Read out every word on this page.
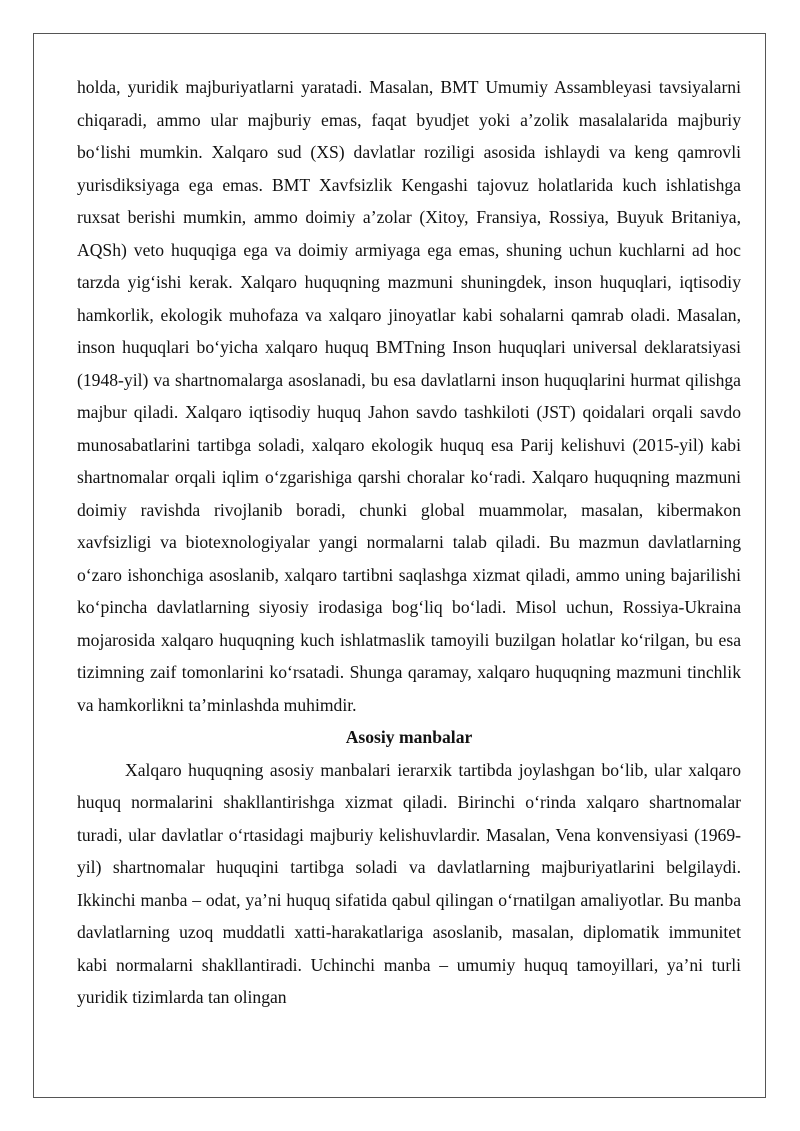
holda, yuridik majburiyatlarni yaratadi. Masalan, BMT Umumiy Assambleyasi tavsiyalarni chiqaradi, ammo ular majburiy emas, faqat byudjet yoki a’zolik masalalarida majburiy bo‘lishi mumkin. Xalqaro sud (XS) davlatlar roziligi asosida ishlaydi va keng qamrovli yurisdiksiyaga ega emas. BMT Xavfsizlik Kengashi tajovuz holatlarida kuch ishlatishga ruxsat berishi mumkin, ammo doimiy a’zolar (Xitoy, Fransiya, Rossiya, Buyuk Britaniya, AQSh) veto huquqiga ega va doimiy armiyaga ega emas, shuning uchun kuchlarni ad hoc tarzda yig‘ishi kerak. Xalqaro huquqning mazmuni shuningdek, inson huquqlari, iqtisodiy hamkorlik, ekologik muhofaza va xalqaro jinoyatlar kabi sohalarni qamrab oladi. Masalan, inson huquqlari bo‘yicha xalqaro huquq BMTning Inson huquqlari universal deklaratsiyasi (1948-yil) va shartnomalarga asoslanadi, bu esa davlatlarni inson huquqlarini hurmat qilishga majbur qiladi. Xalqaro iqtisodiy huquq Jahon savdo tashkiloti (JST) qoidalari orqali savdo munosabatlarini tartibga soladi, xalqaro ekologik huquq esa Parij kelishuvi (2015-yil) kabi shartnomalar orqali iqlim o‘zgarishiga qarshi choralar ko‘radi. Xalqaro huquqning mazmuni doimiy ravishda rivojlanib boradi, chunki global muammolar, masalan, kibermakon xavfsizligi va biotexnologiyalar yangi normalarni talab qiladi. Bu mazmun davlatlarning o‘zaro ishonchiga asoslanib, xalqaro tartibni saqlashga xizmat qiladi, ammo uning bajarilishi ko‘pincha davlatlarning siyosiy irodasiga bog‘liq bo‘ladi. Misol uchun, Rossiya-Ukraina mojarosida xalqaro huquqning kuch ishlatmaslik tamoyili buzilgan holatlar ko‘rilgan, bu esa tizimning zaif tomonlarini ko‘rsatadi. Shunga qaramay, xalqaro huquqning mazmuni tinchlik va hamkorlikni ta’minlashda muhimdir.

Asosiy manbalar

Xalqaro huquqning asosiy manbalari ierarxik tartibda joylashgan bo‘lib, ular xalqaro huquq normalarini shakllantirishga xizmat qiladi. Birinchi o‘rinda xalqaro shartnomalar turadi, ular davlatlar o‘rtasidagi majburiy kelishuvlardir. Masalan, Vena konvensiyasi (1969-yil) shartnomalar huquqini tartibga soladi va davlatlarning majburiyatlarini belgilaydi. Ikkinchi manba – odat, ya’ni huquq sifatida qabul qilingan o‘rnatilgan amaliyotlar. Bu manba davlatlarning uzoq muddatli xatti-harakatlariga asoslanib, masalan, diplomatik immunitet kabi normalarni shakllantiradi. Uchinchi manba – umumiy huquq tamoyillari, ya’ni turli yuridik tizimlarda tan olingan
